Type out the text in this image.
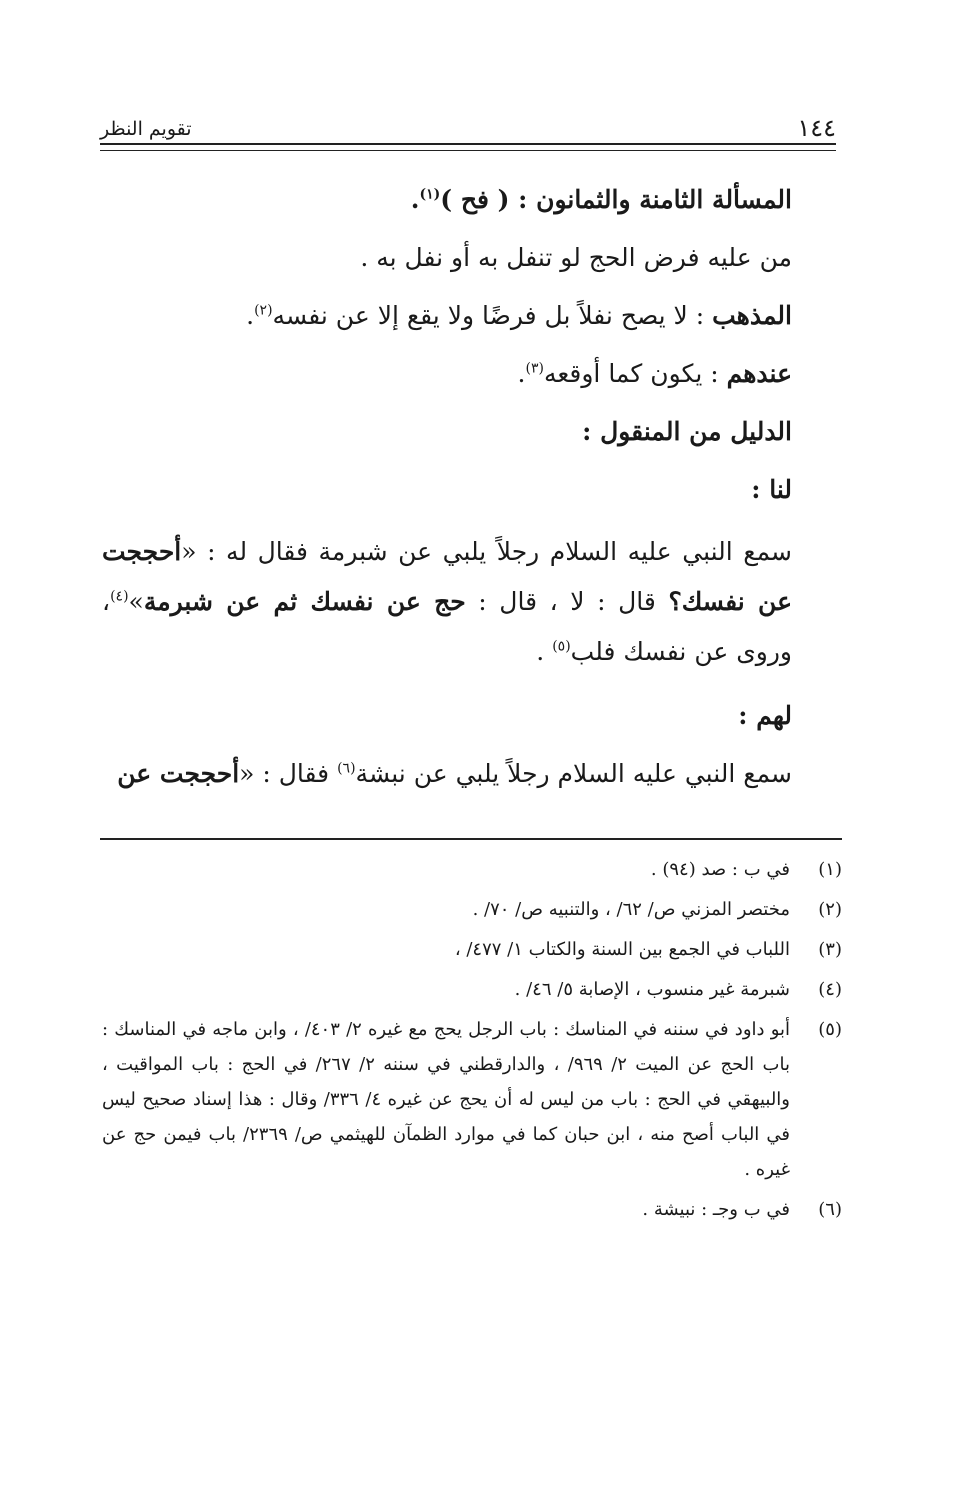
١٤٤
تقويم النظر
المسألة الثامنة والثمانون : ( فح )$^{(١)}$.
من عليه فرض الحج لو تنفل به أو نفل به .
المذهب : لا يصح نفلاً بل فرضًا ولا يقع إلا عن نفسه$^{(٢)}$.
عندهم : يكون كما أوقعه$^{(٣)}$.
الدليل من المنقول :
لنا :
سمع النبي عليه السلام رجلاً يلبي عن شبرمة فقال له : «أحججت عن نفسك؟ قال : لا ، قال : حج عن نفسك ثم عن شبرمة»$^{(٤)}$، وروى عن نفسك فلب$^{(٥)}$ .
لهم :
سمع النبي عليه السلام رجلاً يلبي عن نبشة$^{(٦)}$ فقال : «أحججت عن
(١)
في ب : صد (٩٤) .
(٢)
مختصر المزني ص/ ٦٢/ ، والتنبيه ص/ ٧٠/ .
(٣)
اللباب في الجمع بين السنة والكتاب ١/ ٤٧٧/ ،
(٤)
شبرمة غير منسوب ، الإصابة ٥/ ٤٦/ .
(٥)
أبو داود في سننه في المناسك : باب الرجل يحج مع غيره ٢/ ٤٠٣/ ، وابن ماجه في المناسك : باب الحج عن الميت ٢/ ٩٦٩/ ، والدارقطني في سننه ٢/ ٢٦٧/ في الحج : باب المواقيت ، والبيهقي في الحج : باب من ليس له أن يحج عن غيره ٤/ ٣٣٦/ وقال : هذا إسناد صحيح ليس في الباب أصح منه ، ابن حبان كما في موارد الظمآن للهيثمي ص/ ٢٣٦٩/ باب فيمن حج عن غيره .
(٦)
في ب وجـ : نبيشة .
